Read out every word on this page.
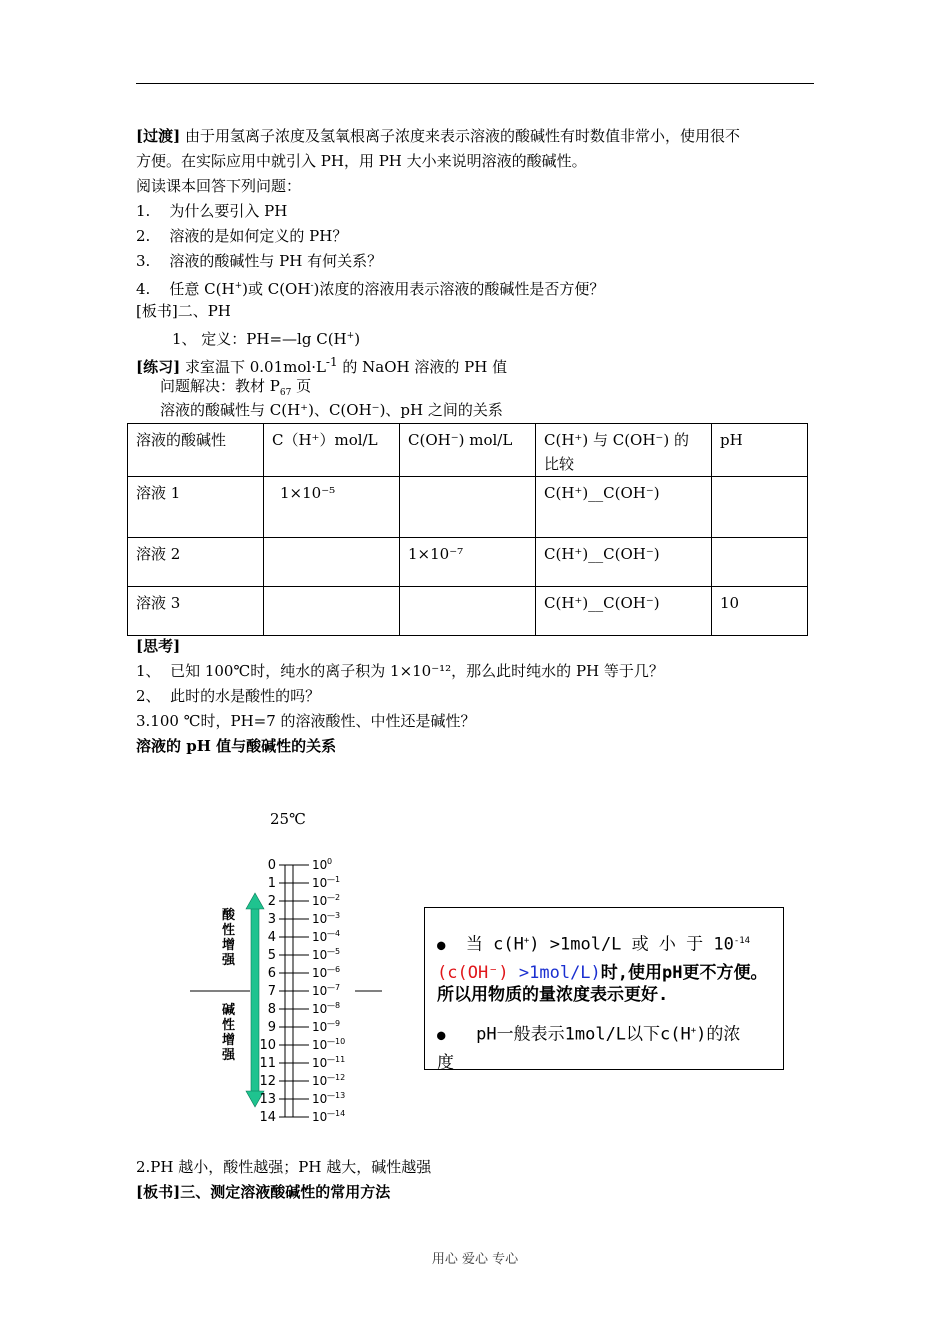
[过渡] 由于用氢离子浓度及氢氧根离子浓度来表示溶液的酸碱性有时数值非常小，使用很不
方便。在实际应用中就引入 PH，用 PH 大小来说明溶液的酸碱性。
阅读课本回答下列问题：
1.    为什么要引入 PH
2.    溶液的是如何定义的 PH？
3.    溶液的酸碱性与 PH 有何关系？
4.    任意 C(H+)或 C(OH-)浓度的溶液用表示溶液的酸碱性是否方便？
[板书]二、PH
1、 定义：PH=—lg C(H+)
[练习] 求室温下 $0.01mol\cdot L^{-1}$ 的 NaOH 溶液的 PH 值
问题解决：教材 $P_{67}$ 页
溶液的酸碱性与 C(H⁺)、C(OH⁻)、pH 之间的关系
溶液的酸碱性	C（H⁺）mol/L	C(OH⁻) mol/L	C(H⁺) 与 C(OH⁻) 的 比较	pH
溶液 1	1×10⁻⁵		C(H⁺)__C(OH⁻)	
溶液 2		1×10⁻⁷	C(H⁺)__C(OH⁻)	
溶液 3			C(H⁺)__C(OH⁻)	10
[思考]
1、  已知 100℃时，纯水的离子积为 1×10⁻¹²，那么此时纯水的 PH 等于几？
2、  此时的水是酸性的吗？
3.100 ℃时，PH=7 的溶液酸性、中性还是碱性？
溶液的 pH 值与酸碱性的关系
25℃
0	10 0
1	10 —1
2	10 —2
3	10 —3
4	10 —4
5	10 —5
6	10 —6
7	10 —7
8	10 —8
9	10 —9
10	10 —10
11	10 —11
12	10 —12
13	10 —13
14	10 —14
酸
性
增
强
碱
性
增
强
● 当 c(H+) >1mol/L 或 小 于 $10^{-14}$
(c(OH⁻) >1mol/L)时,使用pH更不方便。
所以用物质的量浓度表示更好.
● pH一般表示1mol/L以下c(H+)的浓
度
2.PH 越小，酸性越强；PH 越大，碱性越强
[板书]三、测定溶液酸碱性的常用方法
用心 爱心 专心
